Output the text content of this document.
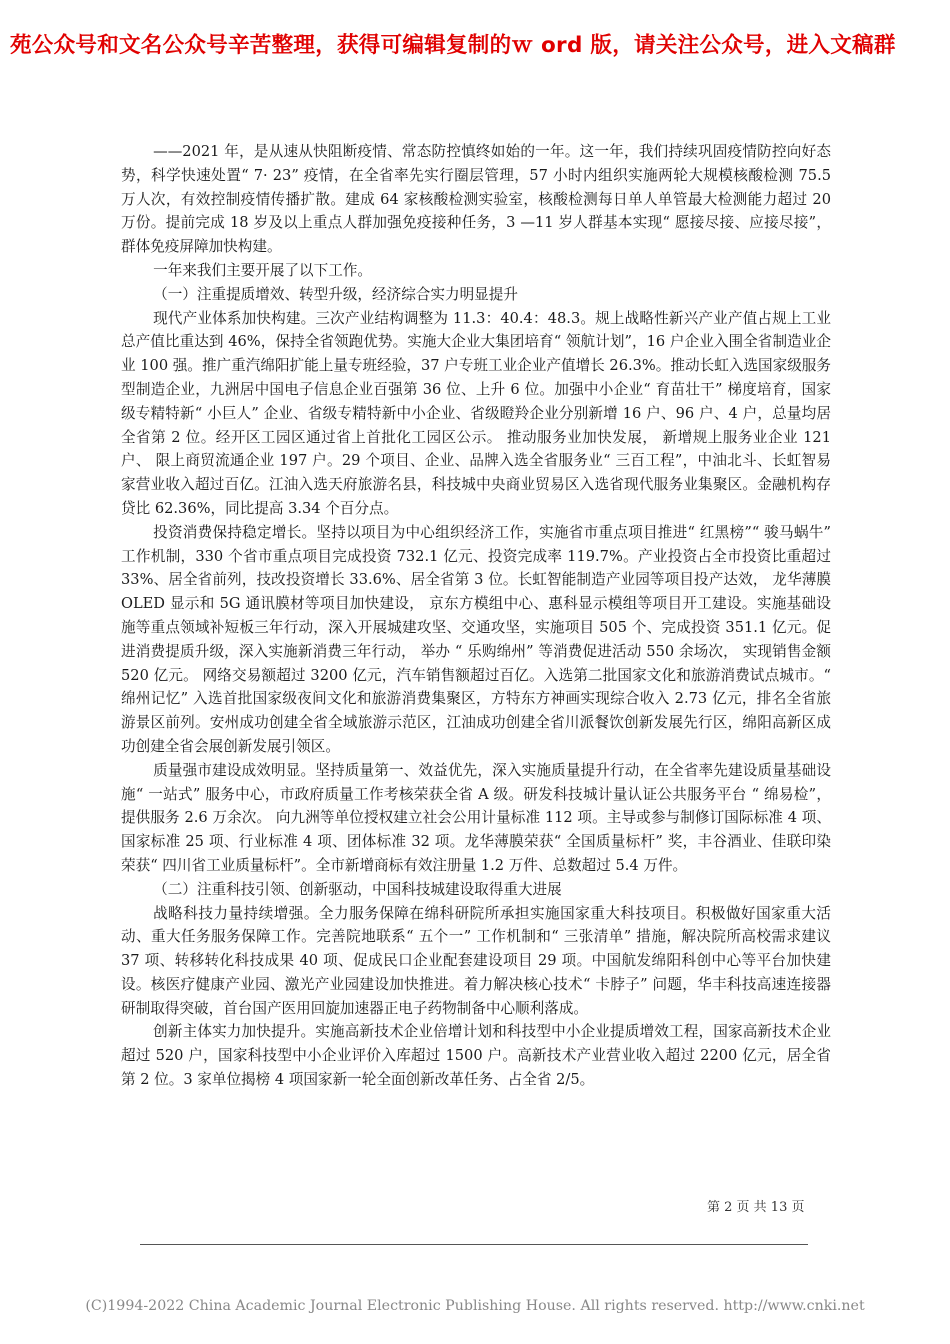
苑公众号和文名公众号辛苦整理，获得可编辑复制的ｗ ord 版，请关注公众号，进入文稿群

——2021 年，是从速从快阻断疫情、常态防控慎终如始的一年。这一年，我们持续巩固疫情防控向好态势，科学快速处置“ 7· 23” 疫情，在全省率先实行圈层管理，57 小时内组织实施两轮大规模核酸检测 75.5 万人次，有效控制疫情传播扩散。建成 64 家核酸检测实验室，核酸检测每日单人单管最大检测能力超过 20 万份。提前完成 18 岁及以上重点人群加强免疫接种任务，3 —11 岁人群基本实现“ 愿接尽接、应接尽接”，群体免疫屏障加快构建。

一年来我们主要开展了以下工作。

（一）注重提质增效、转型升级，经济综合实力明显提升

现代产业体系加快构建。三次产业结构调整为 11.3：40.4：48.3。规上战略性新兴产业产值占规上工业总产值比重达到 46%，保持全省领跑优势。实施大企业大集团培育“ 领航计划”，16 户企业入围全省制造业企业 100 强。推广重汽绵阳扩能上量专班经验，37 户专班工业企业产值增长 26.3%。推动长虹入选国家级服务型制造企业，九洲居中国电子信息企业百强第 36 位、上升 6 位。加强中小企业“ 育苗壮干” 梯度培育，国家级专精特新“ 小巨人” 企业、省级专精特新中小企业、省级瞪羚企业分别新增 16 户、96 户、4 户，总量均居全省第 2 位。经开区工园区通过省上首批化工园区公示。 推动服务业加快发展， 新增规上服务业企业 121 户、 限上商贸流通企业 197 户。29 个项目、企业、品牌入选全省服务业“ 三百工程”，中油北斗、长虹智易家营业收入超过百亿。江油入选天府旅游名县，科技城中央商业贸易区入选省现代服务业集聚区。金融机构存贷比 62.36%，同比提高 3.34 个百分点。

投资消费保持稳定增长。坚持以项目为中心组织经济工作，实施省市重点项目推进“ 红黑榜”“ 骏马蜗牛” 工作机制，330 个省市重点项目完成投资 732.1 亿元、投资完成率 119.7%。产业投资占全市投资比重超过 33%、居全省前列，技改投资增长 33.6%、居全省第 3 位。长虹智能制造产业园等项目投产达效， 龙华薄膜 OLED 显示和 5G 通讯膜材等项目加快建设， 京东方模组中心、惠科显示模组等项目开工建设。实施基础设施等重点领域补短板三年行动，深入开展城建攻坚、交通攻坚，实施项目 505 个、完成投资 351.1 亿元。促进消费提质升级，深入实施新消费三年行动， 举办 “ 乐购绵州” 等消费促进活动 550 余场次， 实现销售金额 520 亿元。 网络交易额超过 3200 亿元，汽车销售额超过百亿。入选第二批国家文化和旅游消费试点城市。“ 绵州记忆” 入选首批国家级夜间文化和旅游消费集聚区，方特东方神画实现综合收入 2.73 亿元，排名全省旅游景区前列。安州成功创建全省全域旅游示范区，江油成功创建全省川派餐饮创新发展先行区，绵阳高新区成功创建全省会展创新发展引领区。

质量强市建设成效明显。坚持质量第一、效益优先，深入实施质量提升行动，在全省率先建设质量基础设施“ 一站式” 服务中心，市政府质量工作考核荣获全省 A 级。研发科技城计量认证公共服务平台 “ 绵易检”， 提供服务 2.6 万余次。 向九洲等单位授权建立社会公用计量标准 112 项。主导或参与制修订国际标准 4 项、国家标准 25 项、行业标准 4 项、团体标准 32 项。龙华薄膜荣获“ 全国质量标杆” 奖，丰谷酒业、佳联印染荣获“ 四川省工业质量标杆”。全市新增商标有效注册量 1.2 万件、总数超过 5.4 万件。

（二）注重科技引领、创新驱动，中国科技城建设取得重大进展

战略科技力量持续增强。全力服务保障在绵科研院所承担实施国家重大科技项目。积极做好国家重大活动、重大任务服务保障工作。完善院地联系“ 五个一” 工作机制和“ 三张清单” 措施，解决院所高校需求建议 37 项、转移转化科技成果 40 项、促成民口企业配套建设项目 29 项。中国航发绵阳科创中心等平台加快建设。核医疗健康产业园、激光产业园建设加快推进。着力解决核心技术“ 卡脖子” 问题，华丰科技高速连接器研制取得突破，首台国产医用回旋加速器正电子药物制备中心顺利落成。

创新主体实力加快提升。实施高新技术企业倍增计划和科技型中小企业提质增效工程，国家高新技术企业超过 520 户，国家科技型中小企业评价入库超过 1500 户。高新技术产业营业收入超过 2200 亿元，居全省第 2 位。3 家单位揭榜 4 项国家新一轮全面创新改革任务、占全省 2/5。

第 2 页 共 13 页
(C)1994-2022 China Academic Journal Electronic Publishing House. All rights reserved. http://www.cnki.net
